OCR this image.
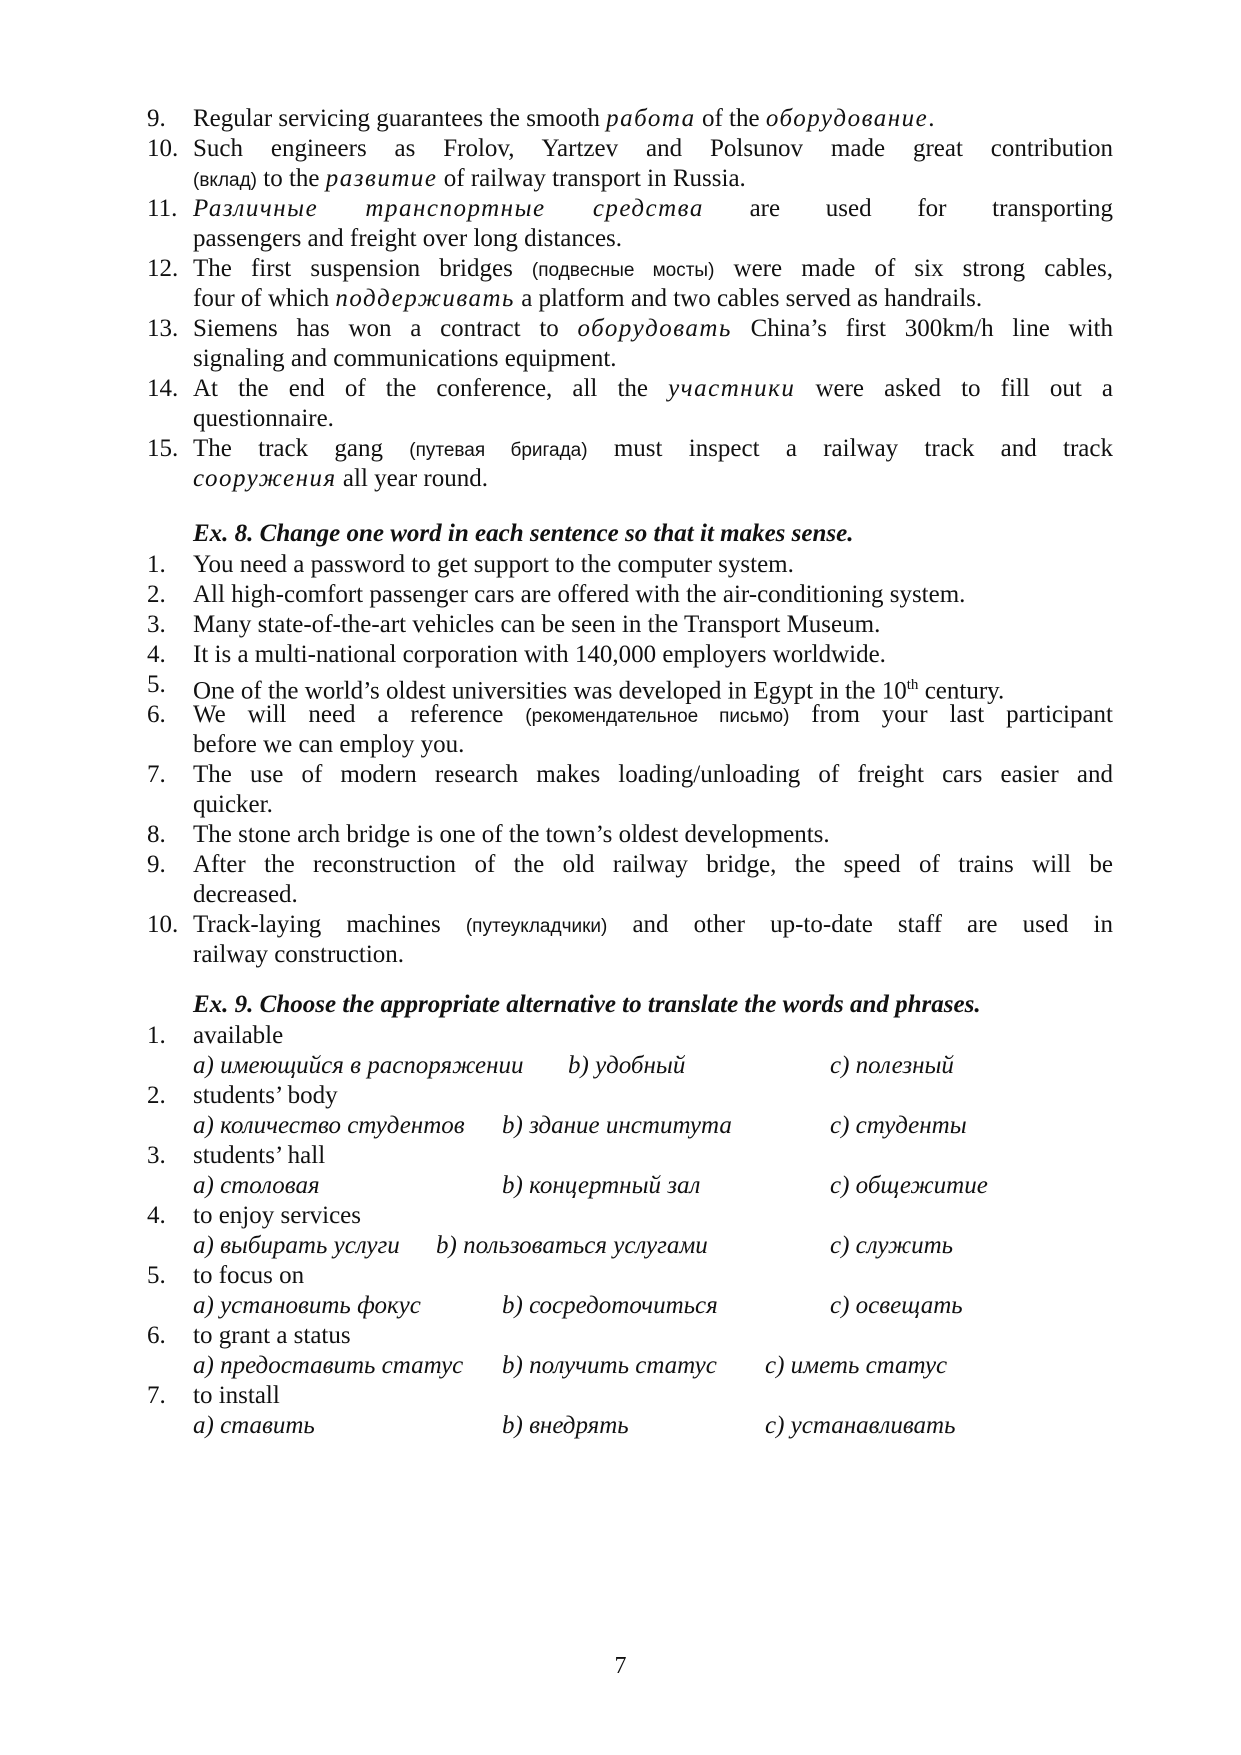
9. Regular servicing guarantees the smooth работа of the оборудование.
10. Such engineers as Frolov, Yartzev and Polsunov made great contribution
(вклад) to the развитие of railway transport in Russia.
11. Различные транспортные средства are used for transporting
passengers and freight over long distances.
12. The first suspension bridges (подвесные мосты) were made of six strong cables,
four of which поддерживать a platform and two cables served as handrails.
13. Siemens has won a contract to оборудовать China’s first 300km/h line with
signaling and communications equipment.
14. At the end of the conference, all the участники were asked to fill out a
questionnaire.
15. The track gang (путевая бригада) must inspect a railway track and track
сооружения all year round.
Ex. 8. Change one word in each sentence so that it makes sense.
1. You need a password to get support to the computer system.
2. All high-comfort passenger cars are offered with the air-conditioning system.
3. Many state-of-the-art vehicles can be seen in the Transport Museum.
4. It is a multi-national corporation with 140,000 employers worldwide.
5. One of the world’s oldest universities was developed in Egypt in the 10th century.
6. We will need a reference (рекомендательное письмо) from your last participant
before we can employ you.
7. The use of modern research makes loading/unloading of freight cars easier and
quicker.
8. The stone arch bridge is one of the town’s oldest developments.
9. After the reconstruction of the old railway bridge, the speed of trains will be
decreased.
10. Track-laying machines (путеукладчики) and other up-to-date staff are used in
railway construction.
Ex. 9. Choose the appropriate alternative to translate the words and phrases.
1. available
a) имеющийся в распоряжении b) удобный	c) полезный
2. students’ body
a) количество студентов b) здание института	c) студенты
3. students’ hall
a) столовая	b) концертный зал	c) общежитие
4. to enjoy services
a) выбирать услуги b) пользоваться услугами	c) служить
5. to focus on
a) установить фокус	b) сосредоточиться	c) освещать
6. to grant a status
a) предоставить статус b) получить статус c) иметь статус
7. to install
a) ставить	b) внедрять	c) устанавливать
7
